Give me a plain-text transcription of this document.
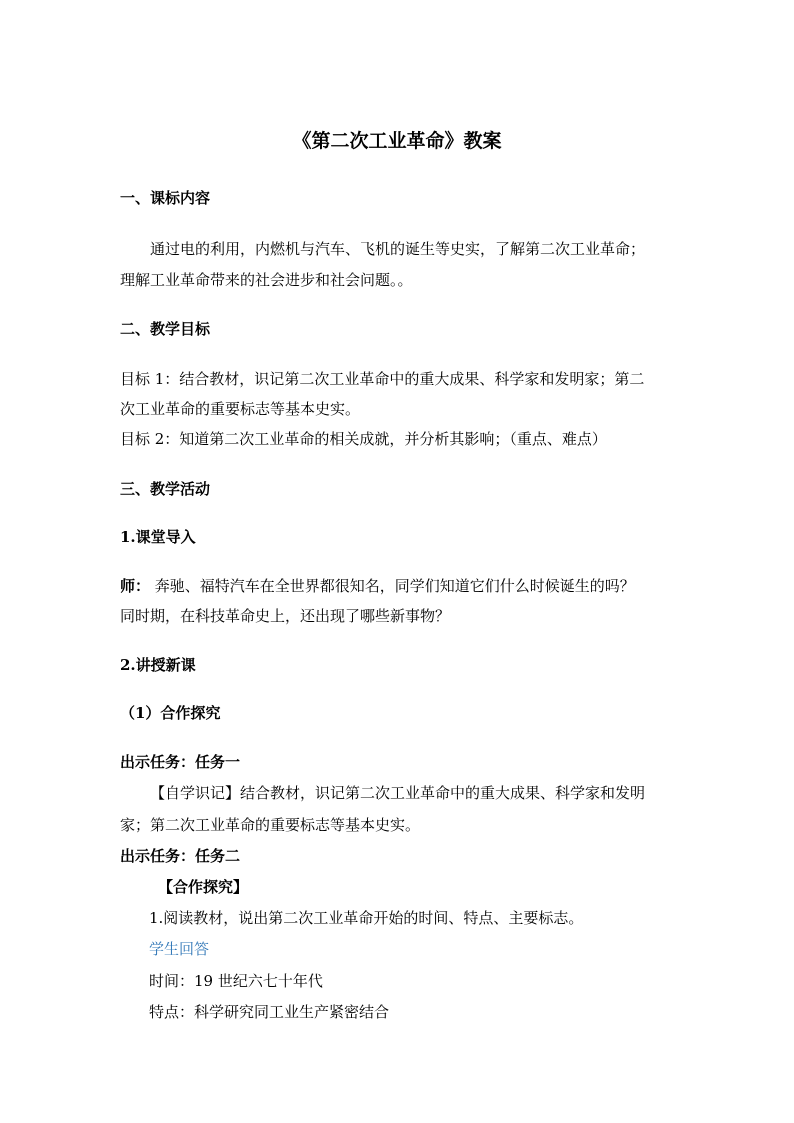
《第二次工业革命》教案
一、课标内容
通过电的利用，内燃机与汽车、飞机的诞生等史实，了解第二次工业革命；
理解工业革命带来的社会进步和社会问题。。
二、教学目标
目标 1：结合教材，识记第二次工业革命中的重大成果、科学家和发明家；第二
次工业革命的重要标志等基本史实。
目标 2：知道第二次工业革命的相关成就，并分析其影响；（重点、难点）
三、教学活动
1.课堂导入
师： 奔驰、福特汽车在全世界都很知名，同学们知道它们什么时候诞生的吗？
同时期，在科技革命史上，还出现了哪些新事物？
2.讲授新课
（1）合作探究
出示任务：任务一
【自学识记】结合教材，识记第二次工业革命中的重大成果、科学家和发明
家；第二次工业革命的重要标志等基本史实。
出示任务：任务二
【合作探究】
1.阅读教材，说出第二次工业革命开始的时间、特点、主要标志。
学生回答
时间：19 世纪六七十年代
特点：科学研究同工业生产紧密结合
